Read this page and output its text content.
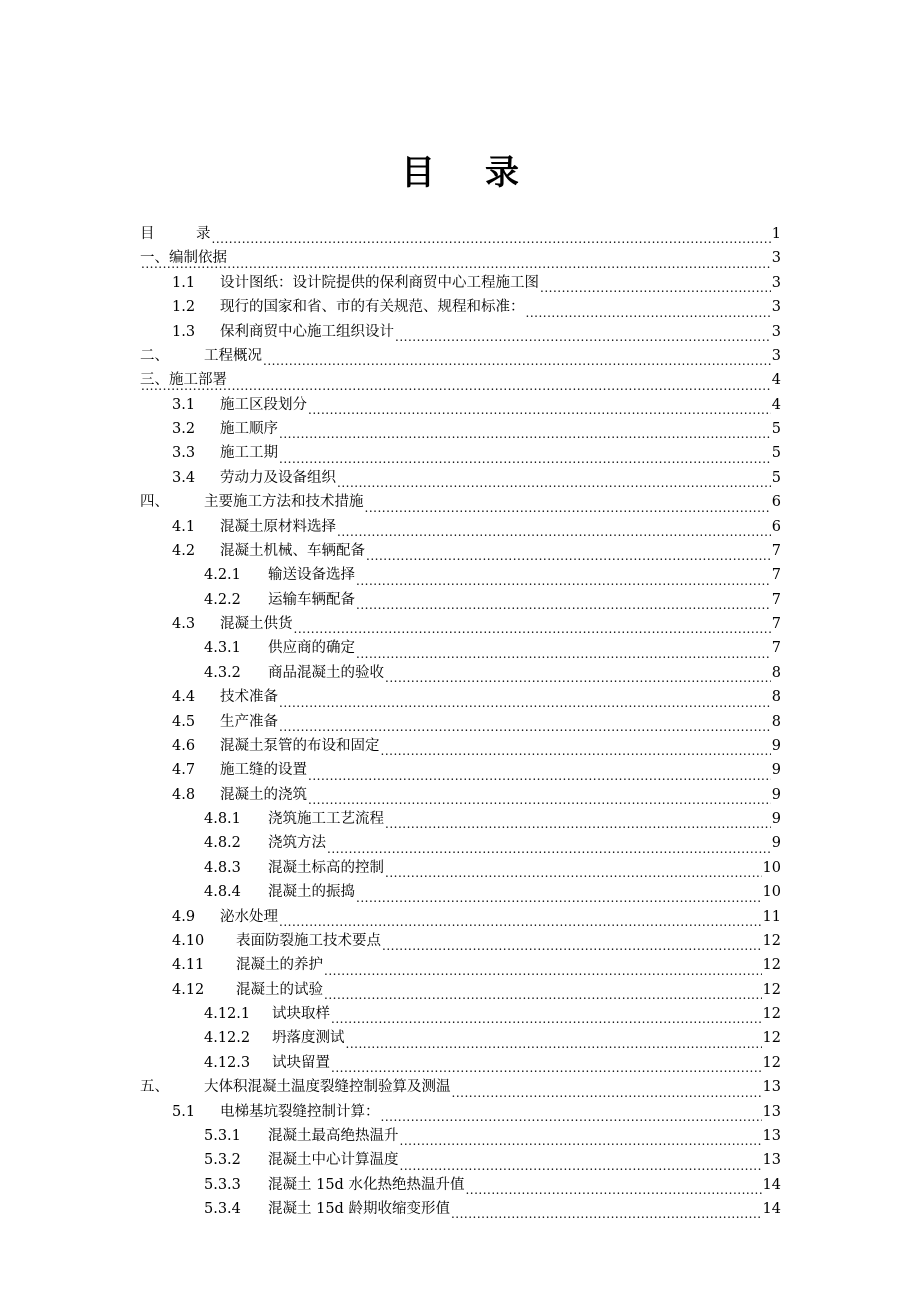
目 录
目	录 .....	1
一、编制依据 .....	3
1.1	设计图纸：设计院提供的保利商贸中心工程施工图 .....	3
1.2	现行的国家和省、市的有关规范、规程和标准： .....	3
1.3	保利商贸中心施工组织设计 .....	3
二、	工程概况 .....	3
三、施工部署 .....	4
3.1	施工区段划分 .....	4
3.2	施工顺序 .....	5
3.3	施工工期 .....	5
3.4	劳动力及设备组织 .....	5
四、	主要施工方法和技术措施 .....	6
4.1	混凝土原材料选择 .....	6
4.2	混凝土机械、车辆配备 .....	7
4.2.1	输送设备选择 .....	7
4.2.2	运输车辆配备 .....	7
4.3	混凝土供货 .....	7
4.3.1	供应商的确定 .....	7
4.3.2	商品混凝土的验收 .....	8
4.4	技术准备 .....	8
4.5	生产准备 .....	8
4.6	混凝土泵管的布设和固定 .....	9
4.7	施工缝的设置 .....	9
4.8	混凝土的浇筑 .....	9
4.8.1	浇筑施工工艺流程 .....	9
4.8.2	浇筑方法 .....	9
4.8.3	混凝土标高的控制 .....	10
4.8.4	混凝土的振捣 .....	10
4.9	泌水处理 .....	11
4.10	表面防裂施工技术要点 .....	12
4.11	混凝土的养护 .....	12
4.12	混凝土的试验 .....	12
4.12.1	试块取样 .....	12
4.12.2	坍落度测试 .....	12
4.12.3	试块留置 .....	12
五、	大体积混凝土温度裂缝控制验算及测温 .....	13
5.1	电梯基坑裂缝控制计算： .....	13
5.3.1	混凝土最高绝热温升 .....	13
5.3.2	混凝土中心计算温度 .....	13
5.3.3	混凝土 15d 水化热绝热温升值 .....	14
5.3.4	混凝土 15d 龄期收缩变形值 .....	14
